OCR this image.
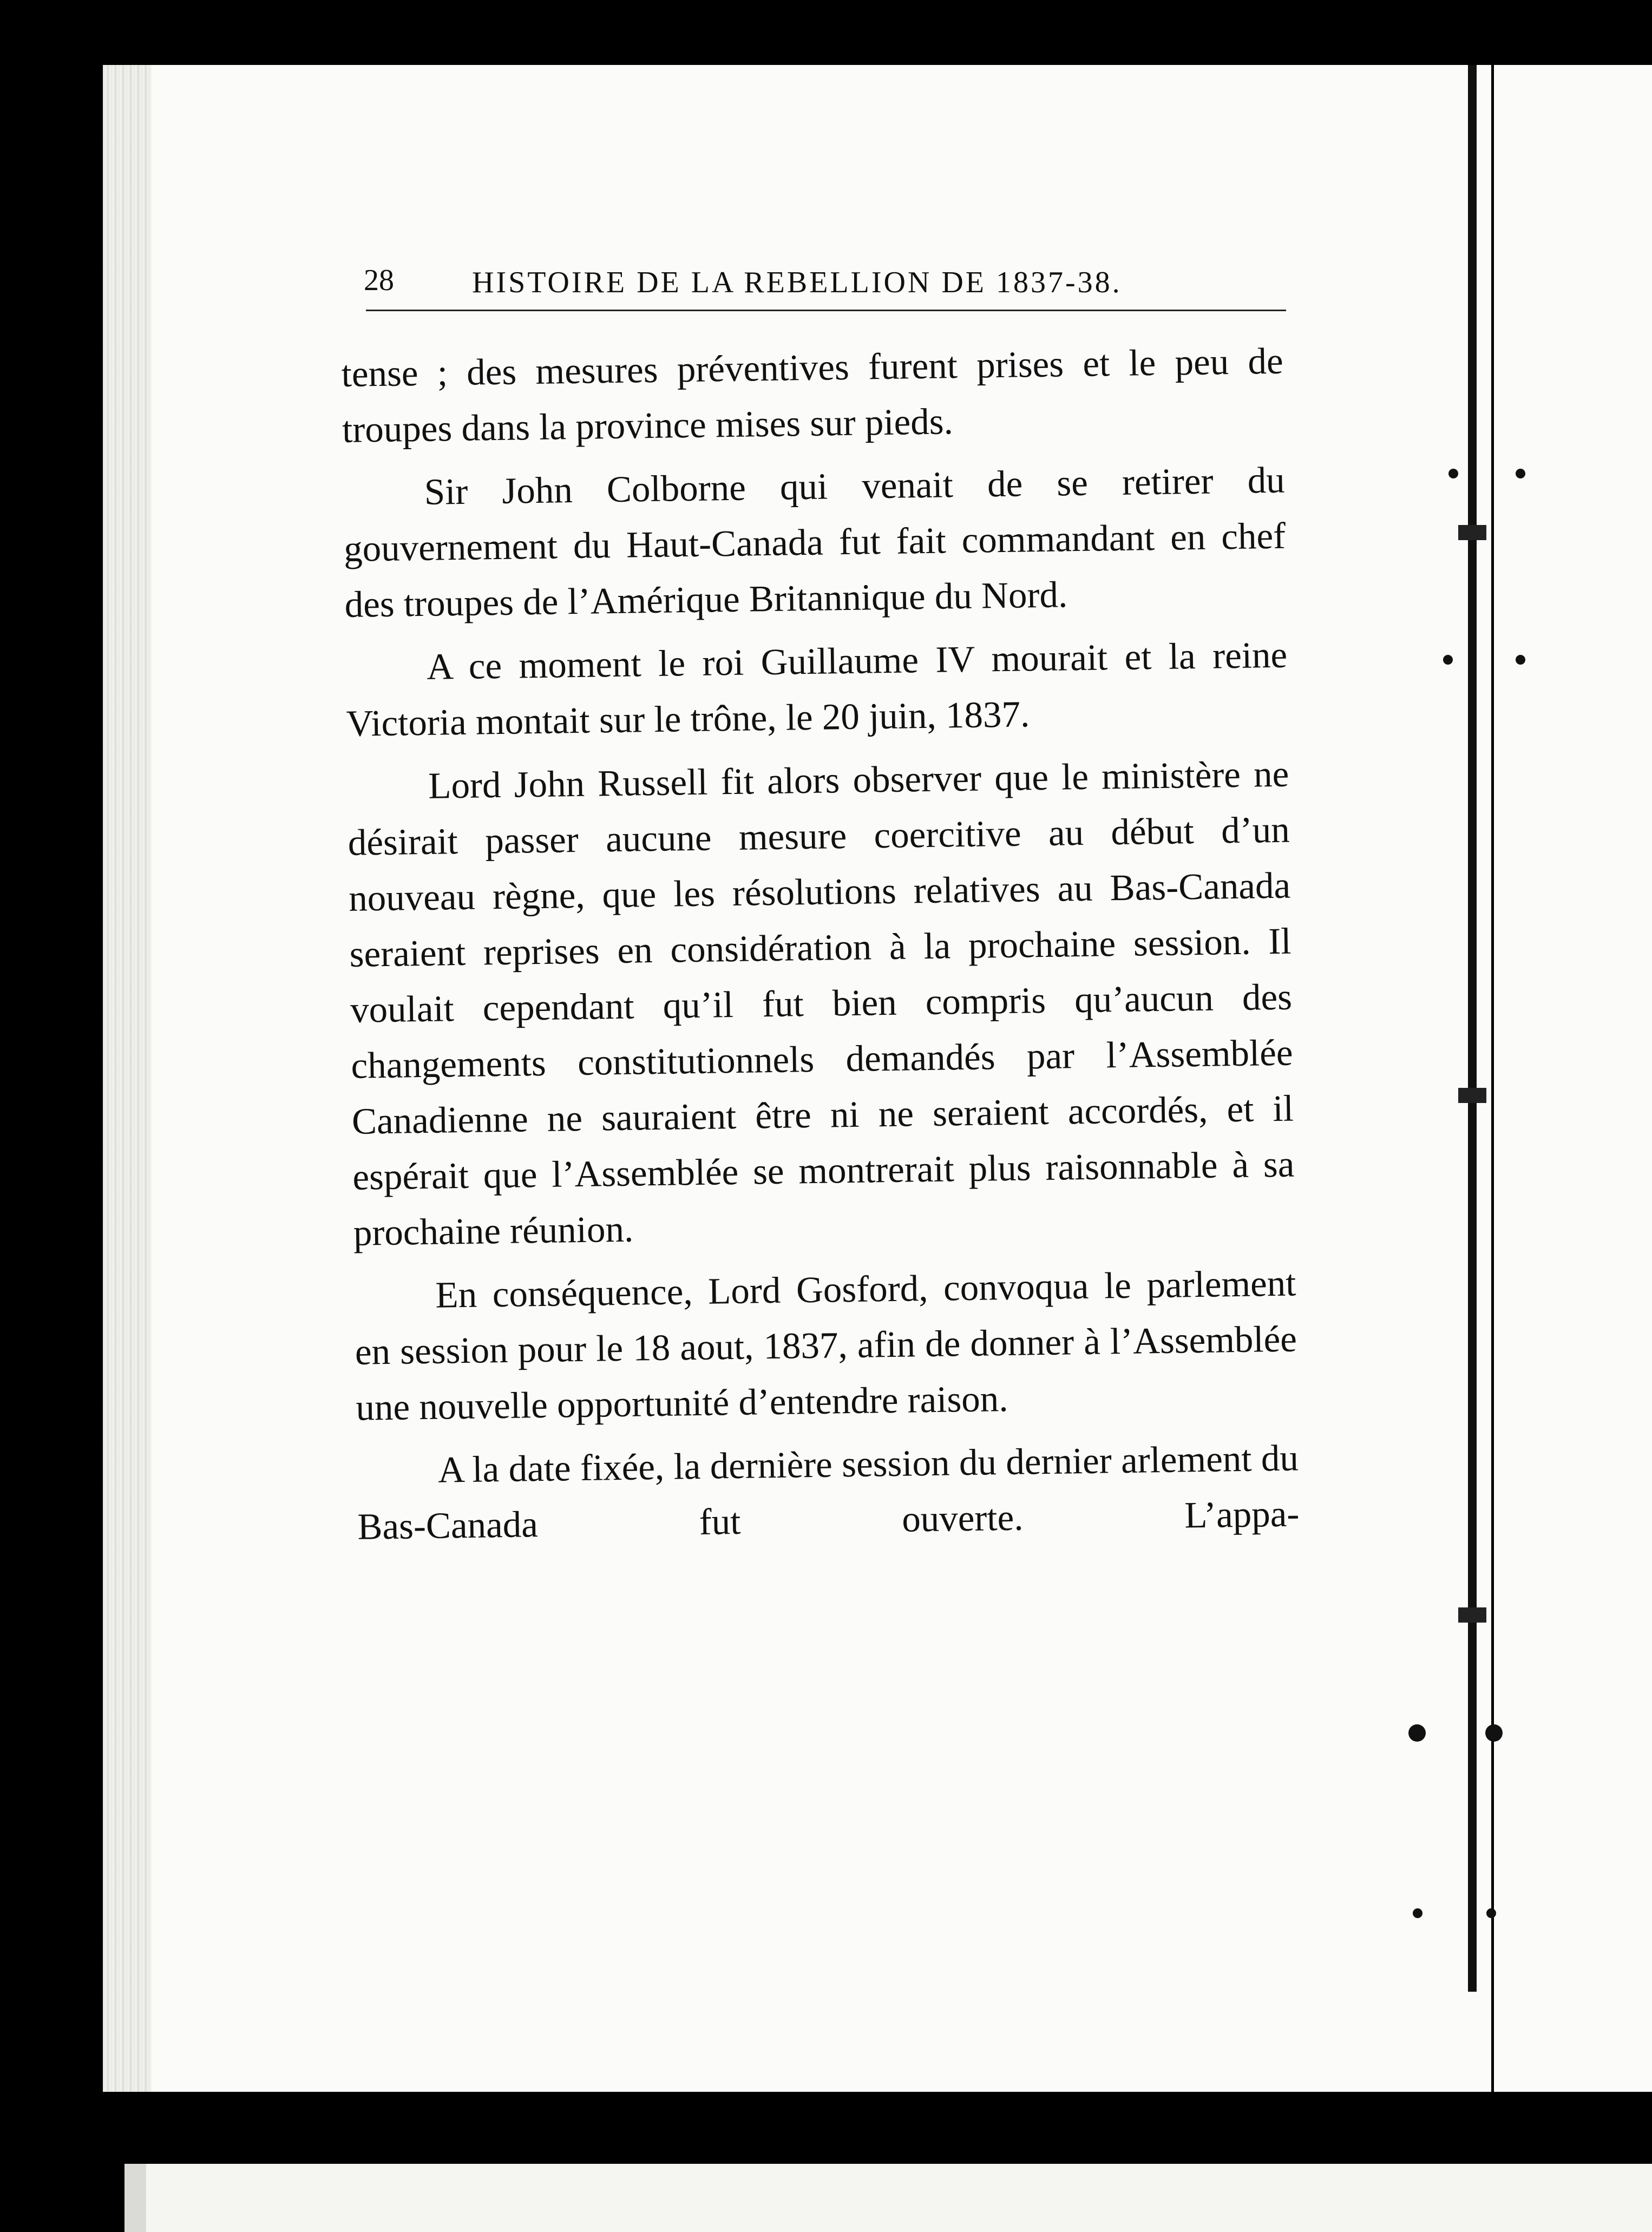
28	HISTOIRE DE LA REBELLION DE 1837-38.

tense ; des mesures préventives furent prises et le peu de troupes dans la province mises sur pieds.

Sir John Colborne qui venait de se retirer du gouvernement du Haut-Canada fut fait commandant en chef des troupes de l’Amérique Britannique du Nord.

A ce moment le roi Guillaume IV mourait et la reine Victoria montait sur le trône, le 20 juin, 1837.

Lord John Russell fit alors observer que le ministère ne désirait passer aucune mesure coercitive au début d’un nouveau règne, que les résolutions relatives au Bas-Canada seraient reprises en considération à la prochaine session. Il voulait cependant qu’il fut bien compris qu’aucun des changements constitutionnels demandés par l’Assemblée Canadienne ne sauraient être ni ne seraient accordés, et il espérait que l’Assemblée se montrerait plus raisonnable à sa prochaine réunion.

En conséquence, Lord Gosford, convoqua le parlement en session pour le 18 aout, 1837, afin de donner à l’Assemblée une nouvelle opportunité d’entendre raison.

A la date fixée, la dernière session du dernier arlement du Bas-Canada fut ouverte. L’appa-
